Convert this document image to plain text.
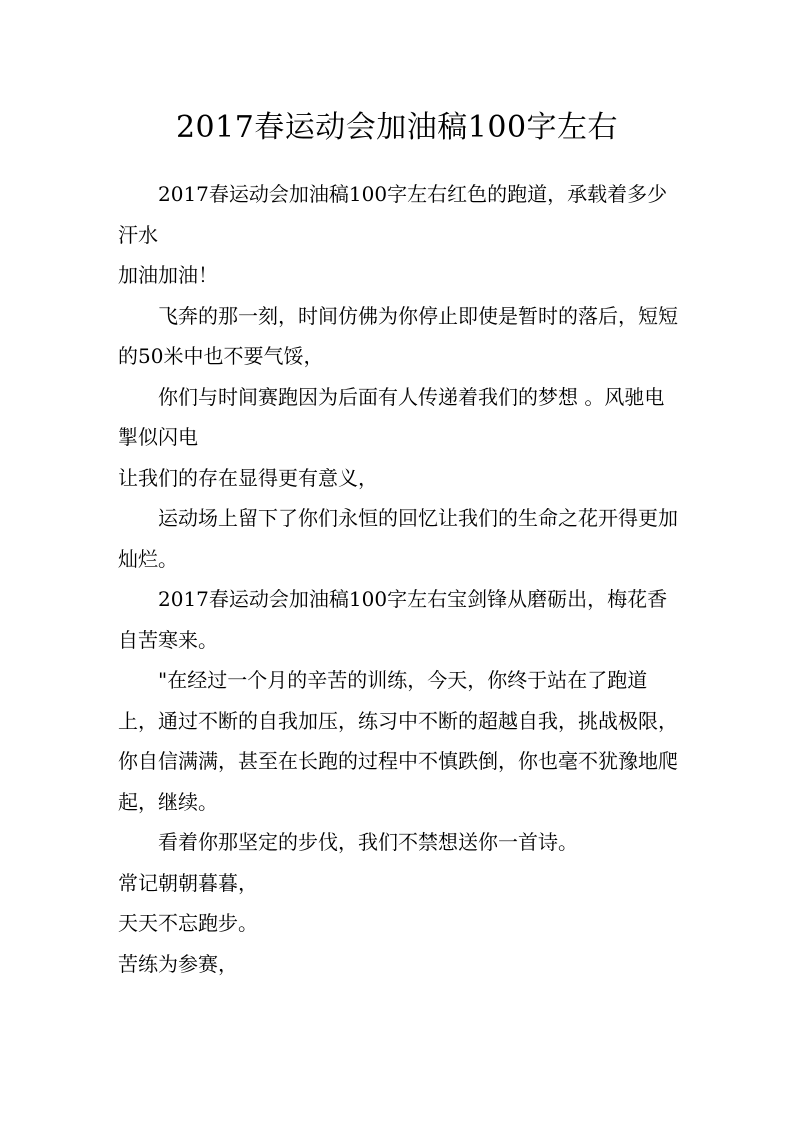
2017春运动会加油稿100字左右

2017春运动会加油稿100字左右红色的跑道，承载着多少汗水

加油加油！

飞奔的那一刻，时间仿佛为你停止即使是暂时的落后，短短的50米中也不要气馁，

你们与时间赛跑因为后面有人传递着我们的梦想 。风驰电掣似闪电

让我们的存在显得更有意义，

运动场上留下了你们永恒的回忆让我们的生命之花开得更加灿烂。

2017春运动会加油稿100字左右宝剑锋从磨砺出，梅花香自苦寒来。

"在经过一个月的辛苦的训练，今天，你终于站在了跑道上，通过不断的自我加压，练习中不断的超越自我，挑战极限，你自信满满，甚至在长跑的过程中不慎跌倒，你也毫不犹豫地爬起，继续。

看着你那坚定的步伐，我们不禁想送你一首诗。

常记朝朝暮暮，

天天不忘跑步。

苦练为参赛，
